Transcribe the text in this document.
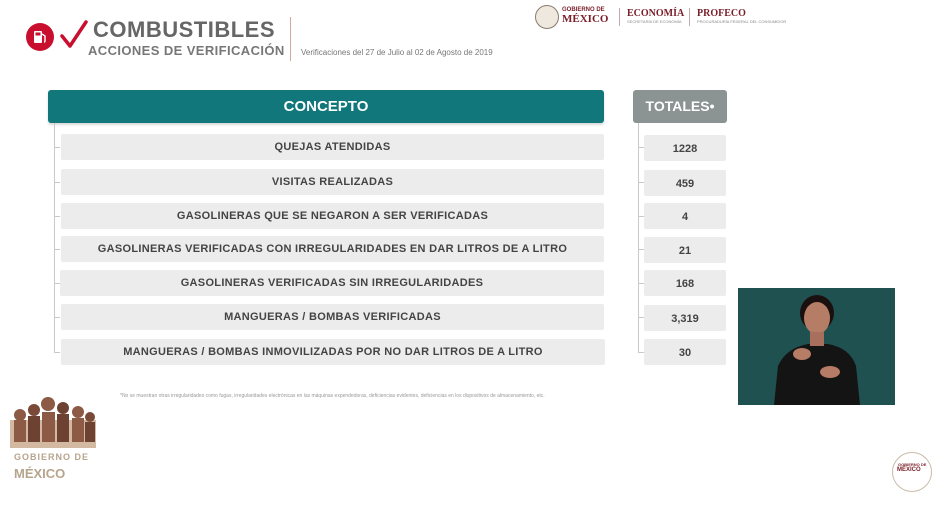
COMBUSTIBLES
ACCIONES DE VERIFICACIÓN Verificaciones del 27 de Julio al 02 de Agosto de 2019
GOBIERNO DE
MÉXICO ECONOMÍA
SECRETARÍA DE ECONOMÍA
PROFECO
PROCURADURÍA FEDERAL DEL CONSUMIDOR
CONCEPTO	TOTALES•
QUEJAS ATENDIDAS	1228
VISITAS REALIZADAS	459
GASOLINERAS QUE SE NEGARON A SER VERIFICADAS	4
GASOLINERAS VERIFICADAS CON IRREGULARIDADES EN DAR LITROS DE A LITRO	21
GASOLINERAS VERIFICADAS SIN IRREGULARIDADES	168
MANGUERAS / BOMBAS VERIFICADAS	3,319
MANGUERAS / BOMBAS INMOVILIZADAS POR NO DAR LITROS DE A LITRO	30
*No se muestran otras irregularidades como fugas, irregularidades electrónicas en las máquinas expendedoras, deficiencias evidentes, deficiencias en los dispositivos de almacenamiento, etc.
GOBIERNO DE
MÉXICO
GOBIERNO DE
MÉXICO
